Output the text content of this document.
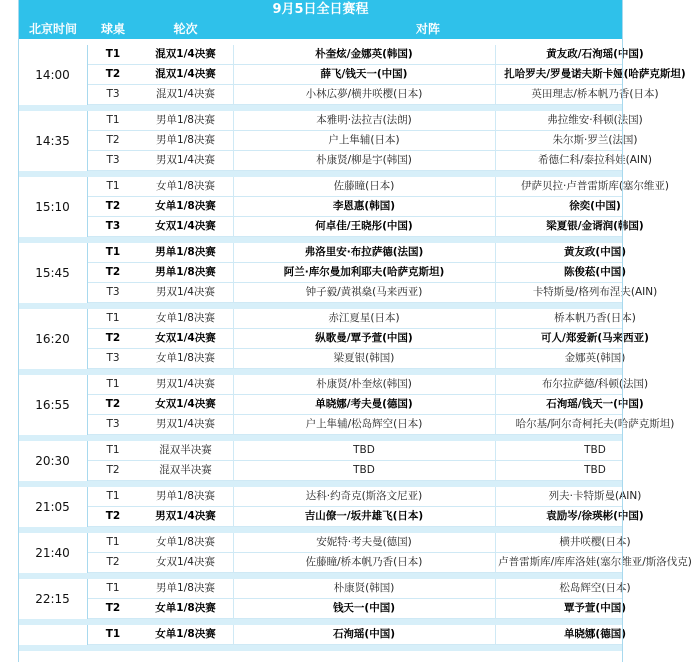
9月5日全日赛程
北京时间	球桌	轮次	对阵
14:00
T1	混双1/4决赛	朴奎炫/金娜英(韩国)	黄友政/石洵瑶(中国)
T2	混双1/4决赛	薛飞/钱天一(中国)	扎哈罗夫/罗曼诺夫斯卡娅(哈萨克斯坦)
T3	混双1/4决赛	小林広夢/横井咲樱(日本)	英田理志/桥本帆乃香(日本)
14:35
T1	男单1/8决赛	本雅明·法拉吉(法朗)	弗拉维安·科顿(法国)
T2	男单1/8决赛	户上隼辅(日本)	朱尔斯·罗兰(法国)
T3	男双1/4决赛	朴康贤/柳是宇(韩国)	希德仁科/泰拉科娃(AIN)
15:10
T1	女单1/8决赛	佐藤瞳(日本)	伊萨贝拉·卢普雷斯库(塞尔维亚)
T2	女单1/8决赛	李恩惠(韩国)	徐奕(中国)
T3	女双1/4决赛	何卓佳/王晓彤(中国)	梁夏银/金谞润(韩国)
15:45
T1	男单1/8决赛	弗洛里安·布拉萨德(法国)	黄友政(中国)
T2	男单1/8决赛	阿兰·库尔曼加利耶夫(哈萨克斯坦)	陈俊菘(中国)
T3	男双1/4决赛	钟子毅/黄祺燊(马来西亚)	卡特斯曼/格列布涅夫(AIN)
16:20
T1	女单1/8决赛	赤江夏星(日本)	桥本帆乃香(日本)
T2	女双1/4决赛	纵歌曼/覃予萱(中国)	可人/郑爱新(马来西亚)
T3	女单1/8决赛	梁夏银(韩国)	金娜英(韩国)
16:55
T1	男双1/4决赛	朴康贤/朴奎炫(韩国)	布尔拉萨德/科顿(法国)
T2	女双1/4决赛	单晓娜/考夫曼(德国)	石洵瑶/钱天一(中国)
T3	男双1/4决赛	户上隼辅/松岛辉空(日本)	哈尔基/阿尔奇柯托夫(哈萨克斯坦)
20:30
T1	混双半决赛	TBD	TBD
T2	混双半决赛	TBD	TBD
21:05
T1	男单1/8决赛	达科·约奇克(斯洛文尼亚)	列夫·卡特斯曼(AIN)
T2	男双1/4决赛	吉山僚一/坂井雄飞(日本)	袁励岑/徐瑛彬(中国)
21:40
T1	女单1/8决赛	安妮特·考夫曼(德国)	横井咲樱(日本)
T2	女双1/4决赛	佐藤瞳/桥本帆乃香(日本)	卢普雷斯库/库库洛娃(塞尔维亚/斯洛伐克)
22:15
T1	男单1/8决赛	朴康贤(韩国)	松岛辉空(日本)
T2	女单1/8决赛	钱天一(中国)	覃予萱(中国)
T1	女单1/8决赛	石洵瑶(中国)	单晓娜(德国)
